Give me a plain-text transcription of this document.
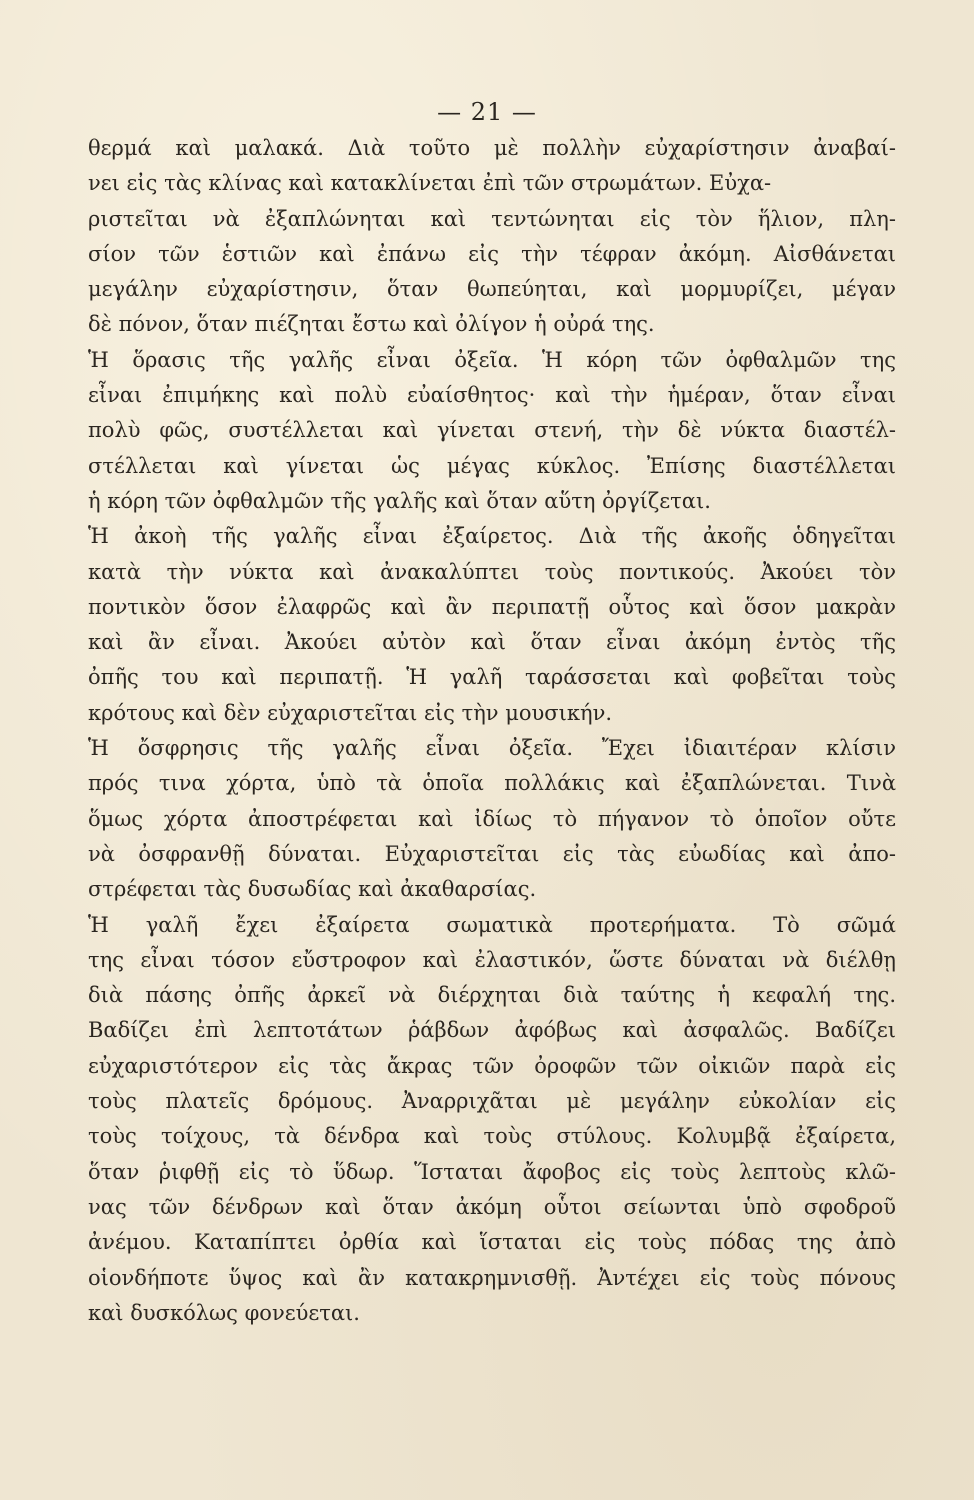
— 21 —
θερμά καὶ μαλακά. Διὰ τοῦτο μὲ πολλὴν εὐχαρίστησιν ἀναβαί-
νει εἰς τὰς κλίνας καὶ κατακλίνεται ἐπὶ τῶν στρωμάτων. Εὐχα-
ριστεῖται νὰ ἐξαπλώνηται καὶ τεντώνηται εἰς τὸν ἥλιον, πλη-
σίον τῶν ἑστιῶν καὶ ἐπάνω εἰς τὴν τέφραν ἀκόμη. Αἰσθάνεται
μεγάλην εὐχαρίστησιν, ὅταν θωπεύηται, καὶ μορμυρίζει, μέγαν
δὲ πόνον, ὅταν πιέζηται ἔστω καὶ ὀλίγον ἡ οὐρά της.
Ἡ ὅρασις τῆς γαλῆς εἶναι ὀξεῖα. Ἡ κόρη τῶν ὀφθαλμῶν της
εἶναι ἐπιμήκης καὶ πολὺ εὐαίσθητος· καὶ τὴν ἡμέραν, ὅταν εἶναι
πολὺ φῶς, συστέλλεται καὶ γίνεται στενή, τὴν δὲ νύκτα διαστέλ-
στέλλεται καὶ γίνεται ὡς μέγας κύκλος. Ἐπίσης διαστέλλεται
ἡ κόρη τῶν ὀφθαλμῶν τῆς γαλῆς καὶ ὅταν αὕτη ὀργίζεται.
Ἡ ἀκοὴ τῆς γαλῆς εἶναι ἐξαίρετος. Διὰ τῆς ἀκοῆς ὁδηγεῖται
κατὰ τὴν νύκτα καὶ ἀνακαλύπτει τοὺς ποντικούς. Ἀκούει τὸν
ποντικὸν ὅσον ἐλαφρῶς καὶ ἂν περιπατῇ οὗτος καὶ ὅσον μακρὰν
καὶ ἂν εἶναι. Ἀκούει αὐτὸν καὶ ὅταν εἶναι ἀκόμη ἐντὸς τῆς
ὀπῆς του καὶ περιπατῇ. Ἡ γαλῆ ταράσσεται καὶ φοβεῖται τοὺς
κρότους καὶ δὲν εὐχαριστεῖται εἰς τὴν μουσικήν.
Ἡ ὄσφρησις τῆς γαλῆς εἶναι ὀξεῖα. Ἔχει ἰδιαιτέραν κλίσιν
πρός τινα χόρτα, ὑπὸ τὰ ὁποῖα πολλάκις καὶ ἐξαπλώνεται. Τινὰ
ὅμως χόρτα ἀποστρέφεται καὶ ἰδίως τὸ πήγανον τὸ ὁποῖον οὔτε
νὰ ὀσφρανθῇ δύναται. Εὐχαριστεῖται εἰς τὰς εὐωδίας καὶ ἀπο-
στρέφεται τὰς δυσωδίας καὶ ἀκαθαρσίας.
Ἡ γαλῆ ἔχει ἐξαίρετα σωματικὰ προτερήματα. Τὸ σῶμά
της εἶναι τόσον εὔστροφον καὶ ἐλαστικόν, ὥστε δύναται νὰ διέλθῃ
διὰ πάσης ὀπῆς ἀρκεῖ νὰ διέρχηται διὰ ταύτης ἡ κεφαλή της.
Βαδίζει ἐπὶ λεπτοτάτων ῥάβδων ἀφόβως καὶ ἀσφαλῶς. Βαδίζει
εὐχαριστότερον εἰς τὰς ἄκρας τῶν ὀροφῶν τῶν οἰκιῶν παρὰ εἰς
τοὺς πλατεῖς δρόμους. Ἀναρριχᾶται μὲ μεγάλην εὐκολίαν εἰς
τοὺς τοίχους, τὰ δένδρα καὶ τοὺς στύλους. Κολυμβᾷ ἐξαίρετα,
ὅταν ῥιφθῇ εἰς τὸ ὕδωρ. Ἵσταται ἄφοβος εἰς τοὺς λεπτοὺς κλῶ-
νας τῶν δένδρων καὶ ὅταν ἀκόμη οὗτοι σείωνται ὑπὸ σφοδροῦ
ἀνέμου. Καταπίπτει ὀρθία καὶ ἵσταται εἰς τοὺς πόδας της ἀπὸ
οἱονδήποτε ὕψος καὶ ἂν κατακρημνισθῇ. Ἀντέχει εἰς τοὺς πόνους
καὶ δυσκόλως φονεύεται.
